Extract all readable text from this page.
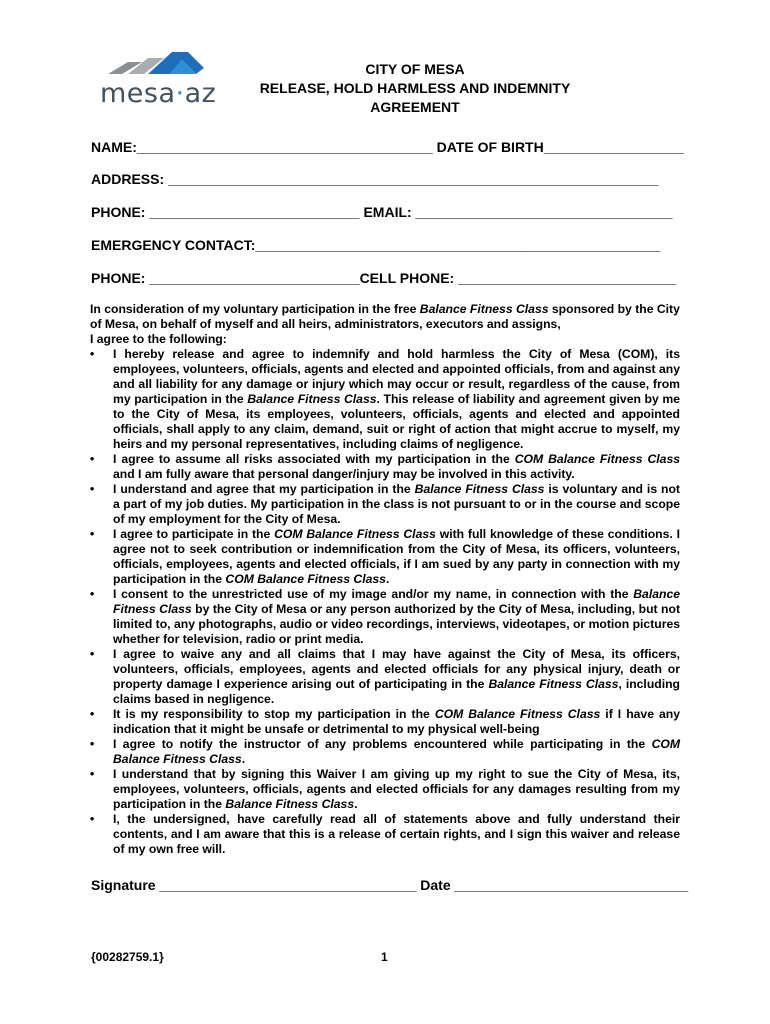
mesa·az
CITY OF MESA
RELEASE, HOLD HARMLESS AND INDEMNITY
AGREEMENT
NAME:______________________________________ DATE OF BIRTH__________________
ADDRESS: _______________________________________________________________
PHONE: ___________________________ EMAIL: _________________________________
EMERGENCY CONTACT:____________________________________________________
PHONE: ___________________________CELL PHONE: ____________________________

In consideration of my voluntary participation in the free Balance Fitness Class sponsored by the City of Mesa, on behalf of myself and all heirs, administrators, executors and assigns,

I agree to the following:

• I hereby release and agree to indemnify and hold harmless the City of Mesa (COM), its employees, volunteers, officials, agents and elected and appointed officials, from and against any and all liability for any damage or injury which may occur or result, regardless of the cause, from my participation in the Balance Fitness Class. This release of liability and agreement given by me to the City of Mesa, its employees, volunteers, officials, agents and elected and appointed officials, shall apply to any claim, demand, suit or right of action that might accrue to myself, my heirs and my personal representatives, including claims of negligence.
• I agree to assume all risks associated with my participation in the COM Balance Fitness Class and I am fully aware that personal danger/injury may be involved in this activity.
• I understand and agree that my participation in the Balance Fitness Class is voluntary and is not a part of my job duties. My participation in the class is not pursuant to or in the course and scope of my employment for the City of Mesa.
• I agree to participate in the COM Balance Fitness Class with full knowledge of these conditions. I agree not to seek contribution or indemnification from the City of Mesa, its officers, volunteers, officials, employees, agents and elected officials, if I am sued by any party in connection with my participation in the COM Balance Fitness Class.
• I consent to the unrestricted use of my image and/or my name, in connection with the Balance Fitness Class by the City of Mesa or any person authorized by the City of Mesa, including, but not limited to, any photographs, audio or video recordings, interviews, videotapes, or motion pictures whether for television, radio or print media.
• I agree to waive any and all claims that I may have against the City of Mesa, its officers, volunteers, officials, employees, agents and elected officials for any physical injury, death or property damage I experience arising out of participating in the Balance Fitness Class, including claims based in negligence.
• It is my responsibility to stop my participation in the COM Balance Fitness Class if I have any indication that it might be unsafe or detrimental to my physical well-being
• I agree to notify the instructor of any problems encountered while participating in the COM Balance Fitness Class.
• I understand that by signing this Waiver I am giving up my right to sue the City of Mesa, its, employees, volunteers, officials, agents and elected officials for any damages resulting from my participation in the Balance Fitness Class.
• I, the undersigned, have carefully read all of statements above and fully understand their contents, and I am aware that this is a release of certain rights, and I sign this waiver and release of my own free will.
Signature _________________________________ Date ______________________________
{00282759.1}	1
